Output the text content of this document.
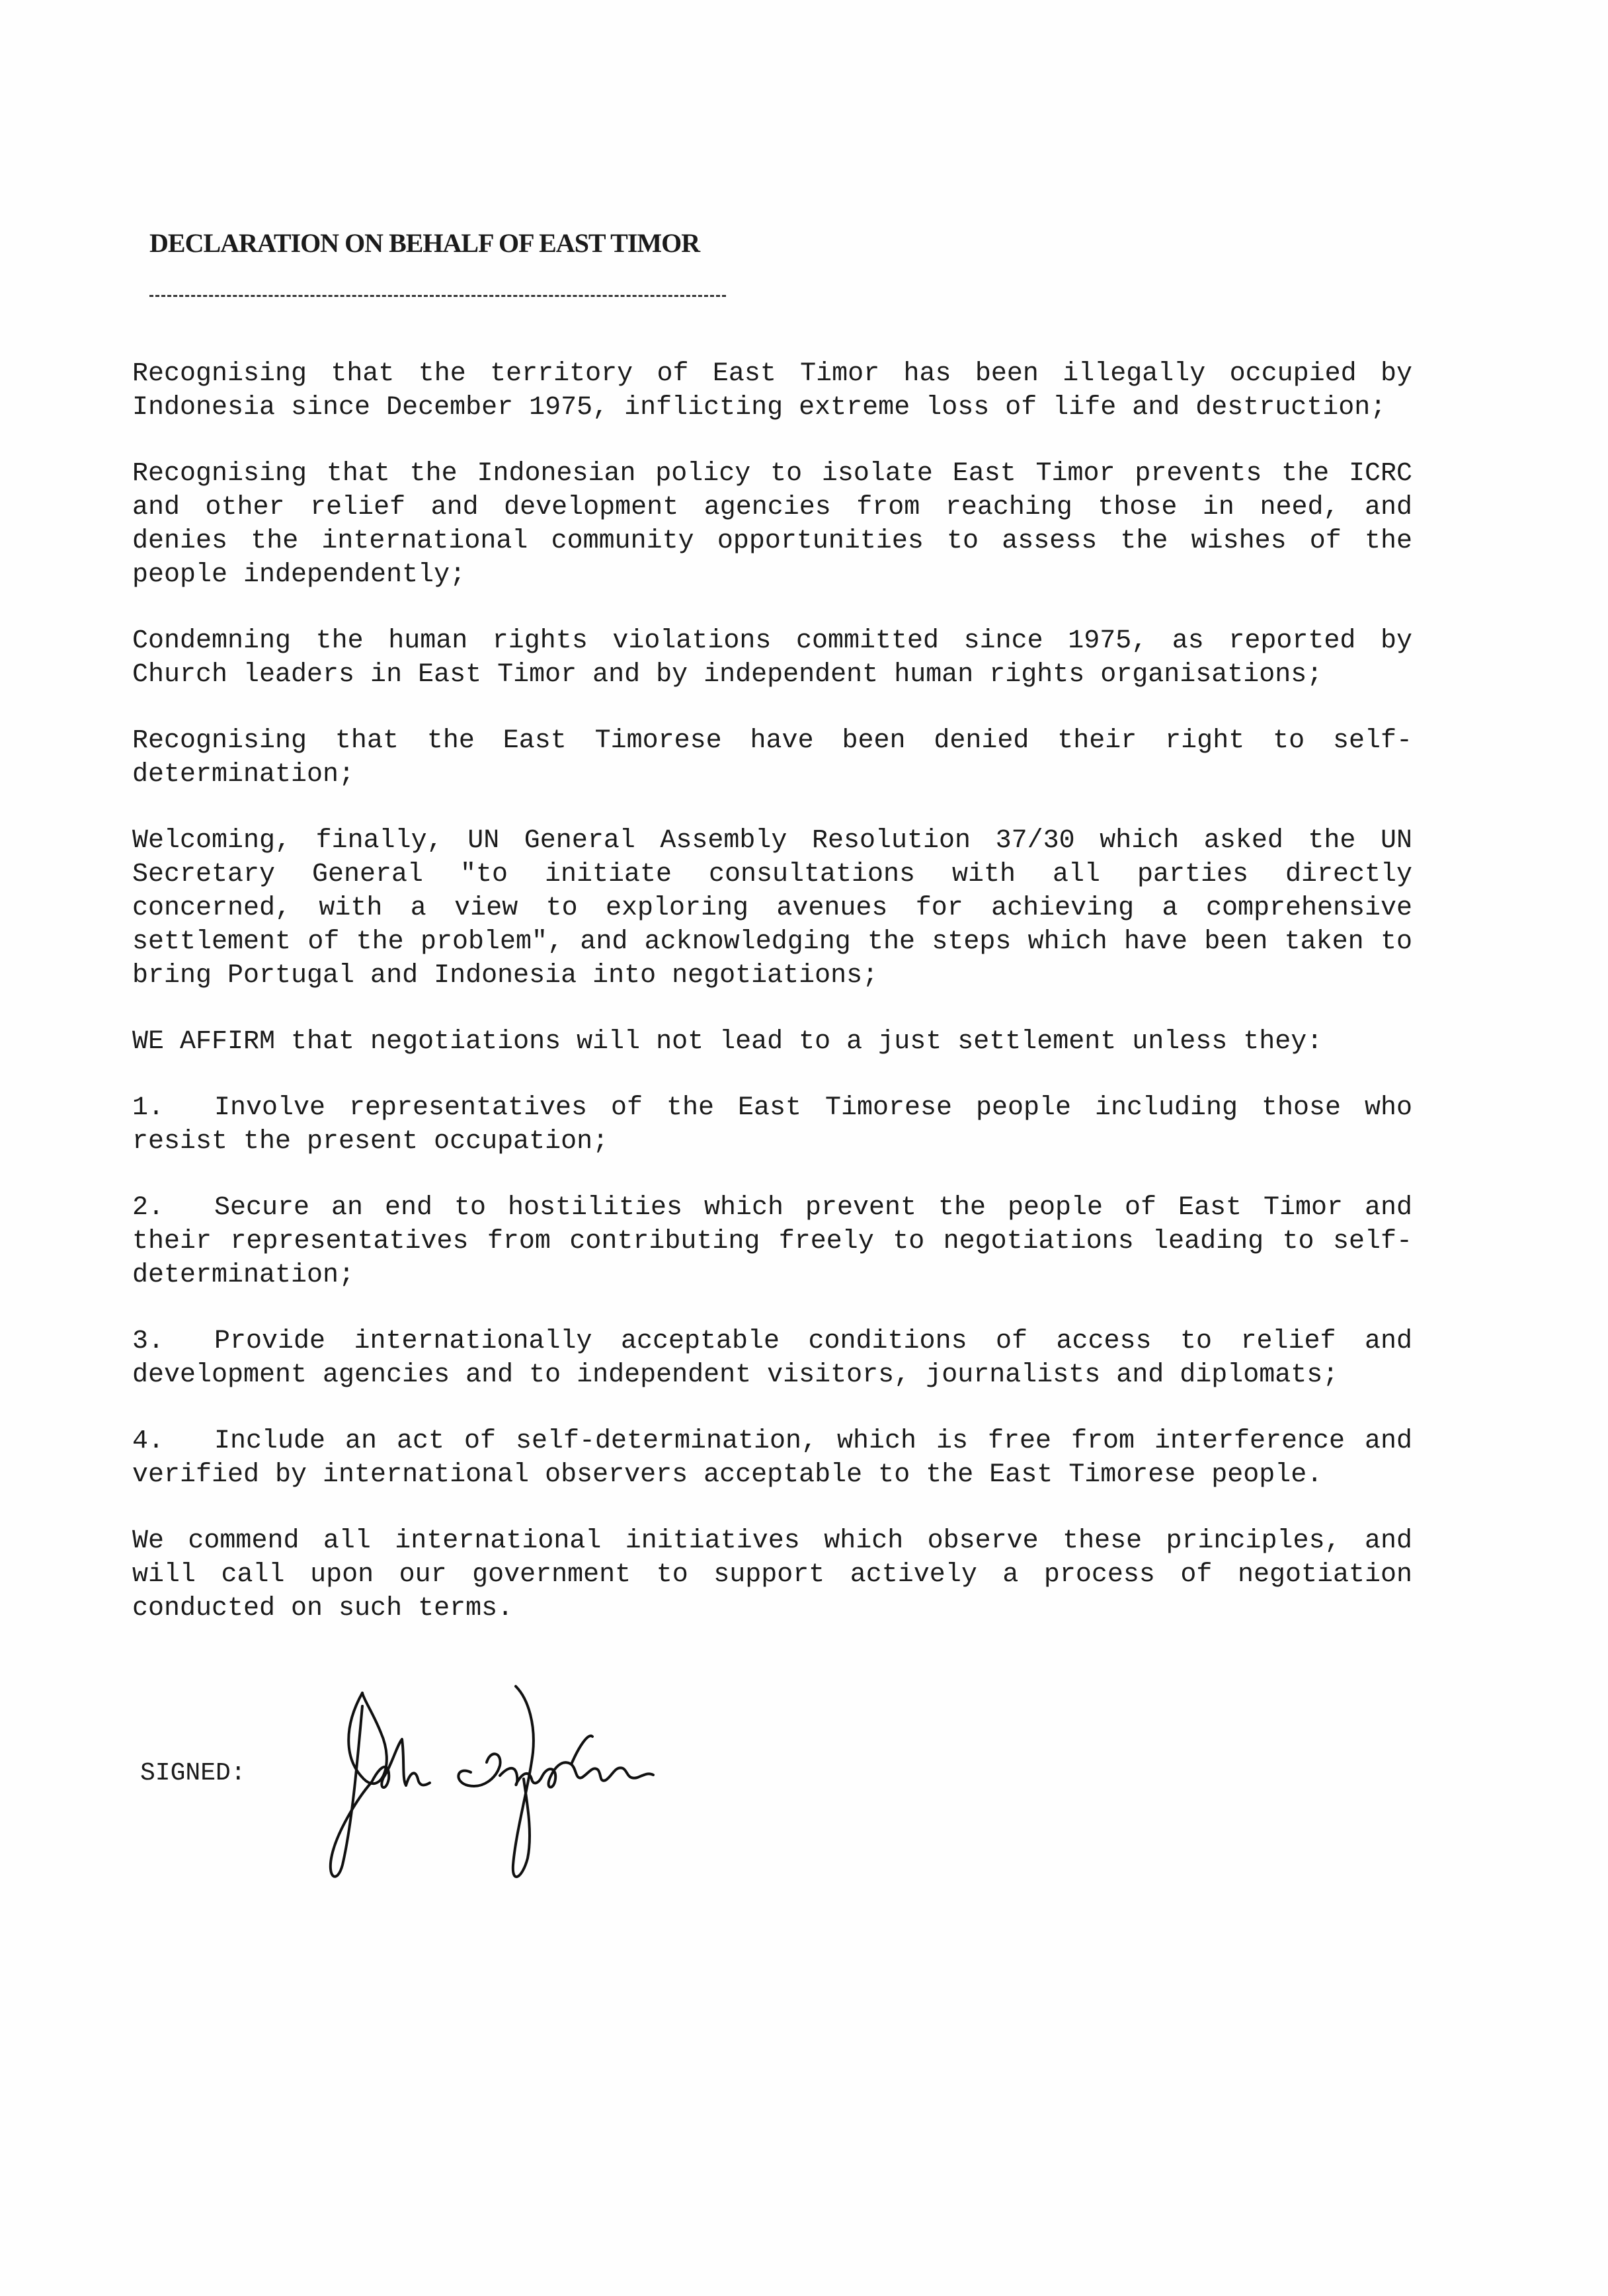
DECLARATION ON BEHALF OF EAST TIMOR

Recognising that the territory of East Timor has been illegally occupied by Indonesia since December 1975, inflicting extreme loss of life and destruction;

Recognising that the Indonesian policy to isolate East Timor prevents the ICRC and other relief and development agencies from reaching those in need, and denies the international community opportunities to assess the wishes of the people independently;

Condemning the human rights violations committed since 1975, as reported by Church leaders in East Timor and by independent human rights organisations;

Recognising that the East Timorese have been denied their right to self-determination;

Welcoming, finally, UN General Assembly Resolution 37/30 which asked the UN Secretary General "to initiate consultations with all parties directly concerned, with a view to exploring avenues for achieving a comprehensive settlement of the problem", and acknowledging the steps which have been taken to bring Portugal and Indonesia into negotiations;

WE AFFIRM that negotiations will not lead to a just settlement unless they:

1. Involve representatives of the East Timorese people including those who resist the present occupation;

2. Secure an end to hostilities which prevent the people of East Timor and their representatives from contributing freely to negotiations leading to self-determination;

3. Provide internationally acceptable conditions of access to relief and development agencies and to independent visitors, journalists and diplomats;

4. Include an act of self-determination, which is free from interference and verified by international observers acceptable to the East Timorese people.

We commend all international initiatives which observe these principles, and will call upon our government to support actively a process of negotiation conducted on such terms.

SIGNED:
